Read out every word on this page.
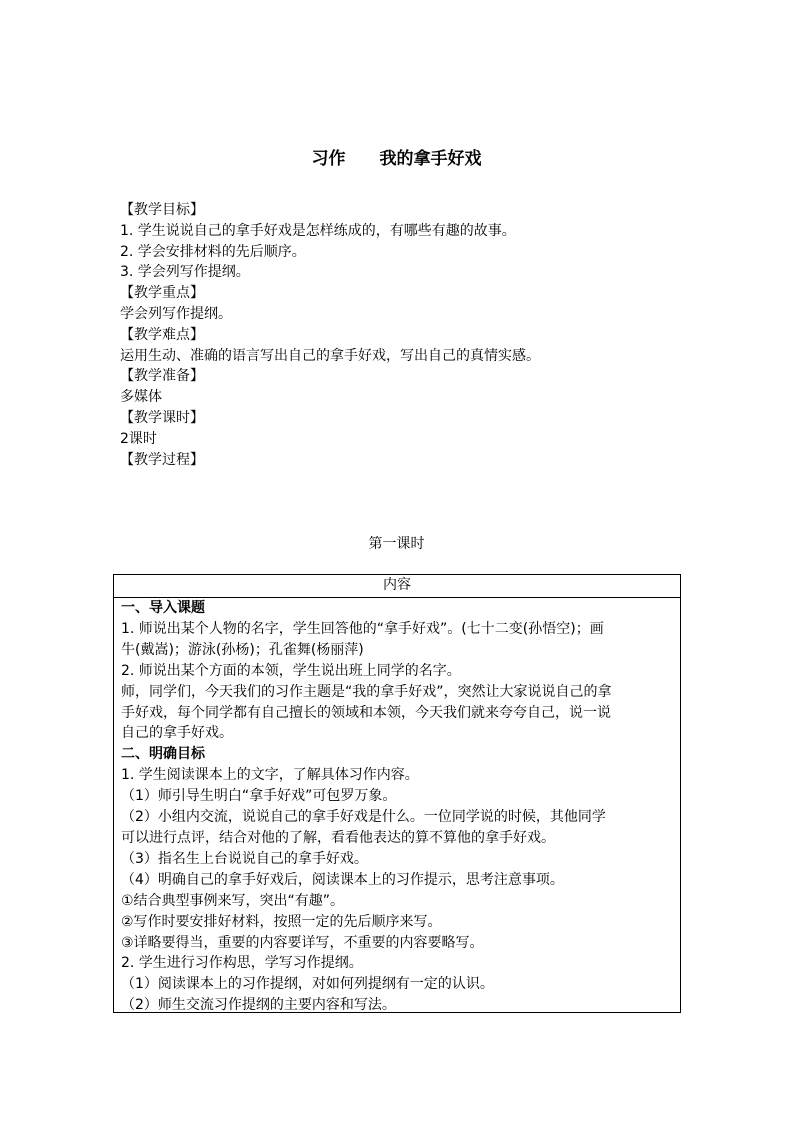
习作　　我的拿手好戏
【教学目标】
1. 学生说说自己的拿手好戏是怎样练成的，有哪些有趣的故事。
2. 学会安排材料的先后顺序。
3. 学会列写作提纲。
【教学重点】
学会列写作提纲。
【教学难点】
运用生动、准确的语言写出自己的拿手好戏，写出自己的真情实感。
【教学准备】
多媒体
【教学课时】
2课时
【教学过程】
第一课时
内容
一、导入课题
1. 师说出某个人物的名字，学生回答他的“拿手好戏”。(七十二变(孙悟空)；画
牛(戴嵩)；游泳(孙杨)；孔雀舞(杨丽萍)
2. 师说出某个方面的本领，学生说出班上同学的名字。
师，同学们，今天我们的习作主题是“我的拿手好戏”，突然让大家说说自己的拿
手好戏，每个同学都有自己擅长的领域和本领，今天我们就来夸夸自己，说一说
自己的拿手好戏。
二、明确目标
1. 学生阅读课本上的文字，了解具体习作内容。
（1）师引导生明白“拿手好戏”可包罗万象。
（2）小组内交流，说说自己的拿手好戏是什么。一位同学说的时候，其他同学
可以进行点评，结合对他的了解，看看他表达的算不算他的拿手好戏。
（3）指名生上台说说自己的拿手好戏。
（4）明确自己的拿手好戏后，阅读课本上的习作提示，思考注意事项。
①结合典型事例来写，突出“有趣”。
②写作时要安排好材料，按照一定的先后顺序来写。
③详略要得当，重要的内容要详写，不重要的内容要略写。
2. 学生进行习作构思，学写习作提纲。
（1）阅读课本上的习作提纲，对如何列提纲有一定的认识。
（2）师生交流习作提纲的主要内容和写法。
